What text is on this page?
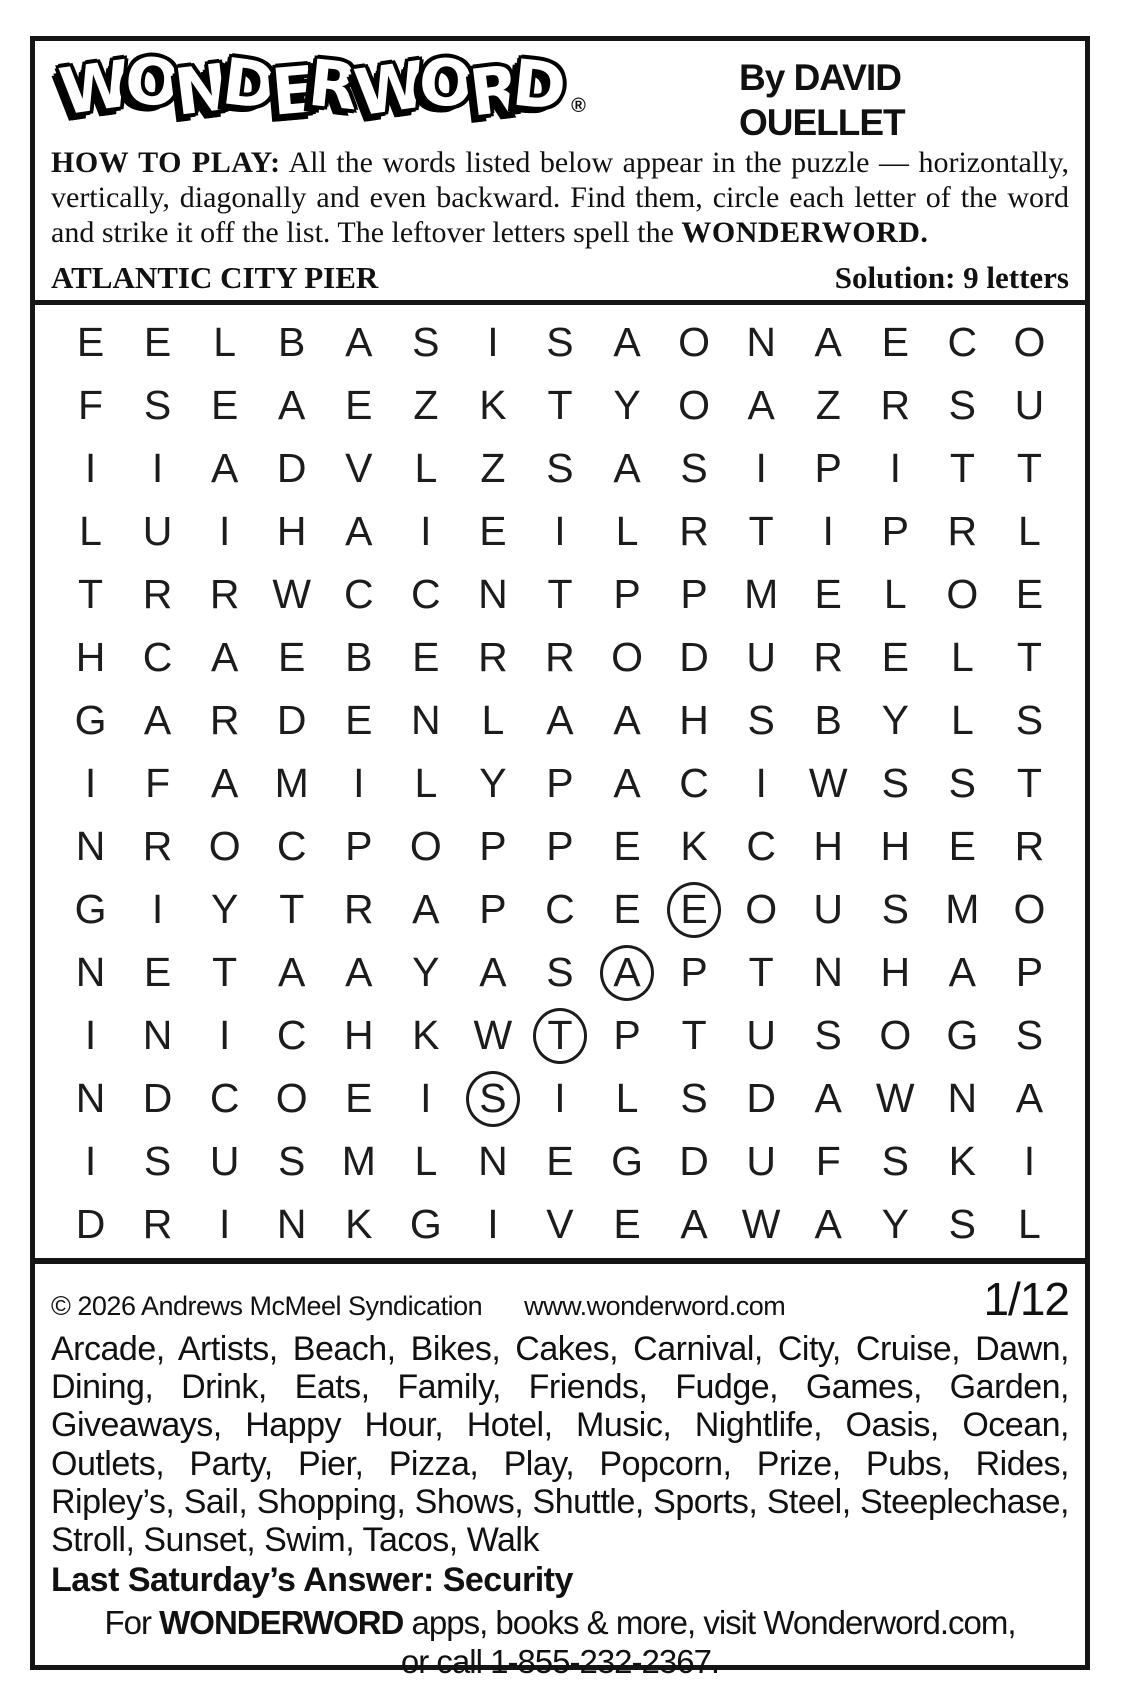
WONDERWORD ®
By DAVID
OUELLET
HOW TO PLAY: All the words listed below appear in the puzzle — horizontally, vertically, diagonally and even backward. Find them, circle each letter of the word and strike it off the list. The leftover letters spell the WONDERWORD.
ATLANTIC CITY PIER	Solution: 9 letters
E E	L	B A S	I	S A O N A E C O
F S E A E Z K T Y O A Z R S U
I	I	A D V	L	Z S A S	I	P	I	T	T
L U	I	H A	I	E	I	L R T	I	P R L
T R R W C C N T P P M E	L O E
H C A E B E R R O D U R E	L	T
G A R D E N L	A A H S B Y	L	S
I	F A M	I	L	Y P A C	I	W S S T
N R O C P O P P E K C H H E R
G	I	Y T R A P C E E O U S M O
N E T A A Y A S A P T N H A P
I	N	I	C H K W T P T U S O G S
N D C O E	I	S	I	L	S D A W N A
I	S U S M L N E G D U F S K	I
D R	I	N K G	I	V E A W A Y S	L
© 2026 Andrews McMeel Syndication www.wonderword.com	1/12
Arcade, Artists, Beach, Bikes, Cakes, Carnival, City, Cruise, Dawn, Dining, Drink, Eats, Family, Friends, Fudge, Games, Garden, Giveaways, Happy Hour, Hotel, Music, Nightlife, Oasis, Ocean, Outlets, Party, Pier, Pizza, Play, Popcorn, Prize, Pubs, Rides, Ripley’s, Sail, Shopping, Shows, Shuttle, Sports, Steel, Steeplechase, Stroll, Sunset, Swim, Tacos, Walk
Last Saturday’s Answer: Security
For WONDERWORD apps, books & more, visit Wonderword.com,
or call 1-855-232-2367.
